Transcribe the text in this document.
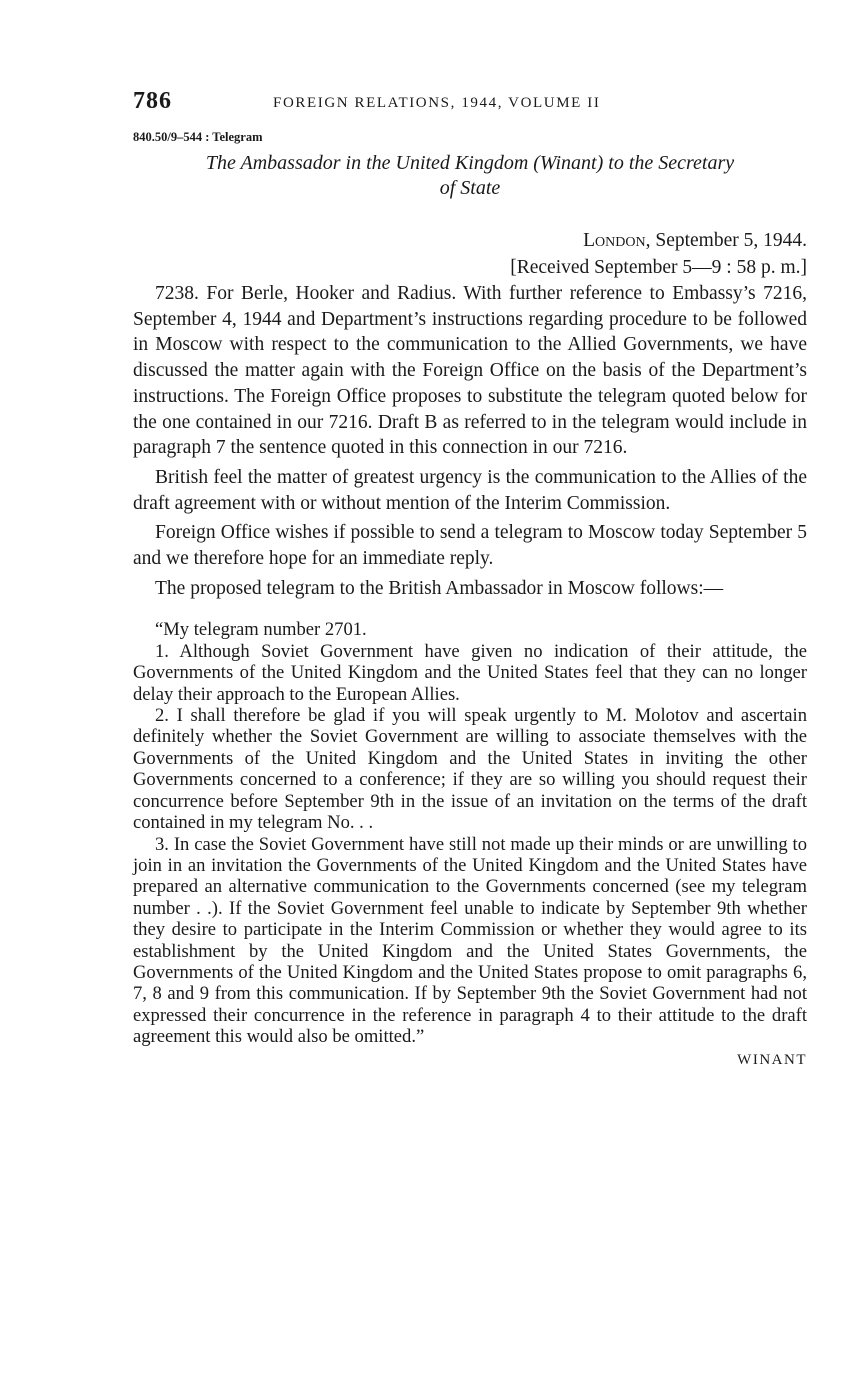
786	FOREIGN RELATIONS, 1944, VOLUME II
840.50/9–544 : Telegram
The Ambassador in the United Kingdom (Winant) to the Secretary
of State
London, September 5, 1944.
[Received September 5—9 : 58 p. m.]

7238. For Berle, Hooker and Radius. With further reference to Embassy’s 7216, September 4, 1944 and Department’s instructions regarding procedure to be followed in Moscow with respect to the communication to the Allied Governments, we have discussed the matter again with the Foreign Office on the basis of the Department’s instructions. The Foreign Office proposes to substitute the telegram quoted below for the one contained in our 7216. Draft B as referred to in the telegram would include in paragraph 7 the sentence quoted in this connection in our 7216.

British feel the matter of greatest urgency is the communication to the Allies of the draft agreement with or without mention of the Interim Commission.

Foreign Office wishes if possible to send a telegram to Moscow today September 5 and we therefore hope for an immediate reply.

The proposed telegram to the British Ambassador in Moscow follows:—

“My telegram number 2701.

1. Although Soviet Government have given no indication of their attitude, the Governments of the United Kingdom and the United States feel that they can no longer delay their approach to the European Allies.

2. I shall therefore be glad if you will speak urgently to M. Molotov and ascertain definitely whether the Soviet Government are willing to associate themselves with the Governments of the United Kingdom and the United States in inviting the other Governments concerned to a conference; if they are so willing you should request their concurrence before September 9th in the issue of an invitation on the terms of the draft contained in my telegram No. . .

3. In case the Soviet Government have still not made up their minds or are unwilling to join in an invitation the Governments of the United Kingdom and the United States have prepared an alternative communication to the Governments concerned (see my telegram number . .). If the Soviet Government feel unable to indicate by September 9th whether they desire to participate in the Interim Commission or whether they would agree to its establishment by the United Kingdom and the United States Governments, the Governments of the United Kingdom and the United States propose to omit paragraphs 6, 7, 8 and 9 from this communication. If by September 9th the Soviet Government had not expressed their concurrence in the reference in paragraph 4 to their attitude to the draft agreement this would also be omitted.”

WINANT
